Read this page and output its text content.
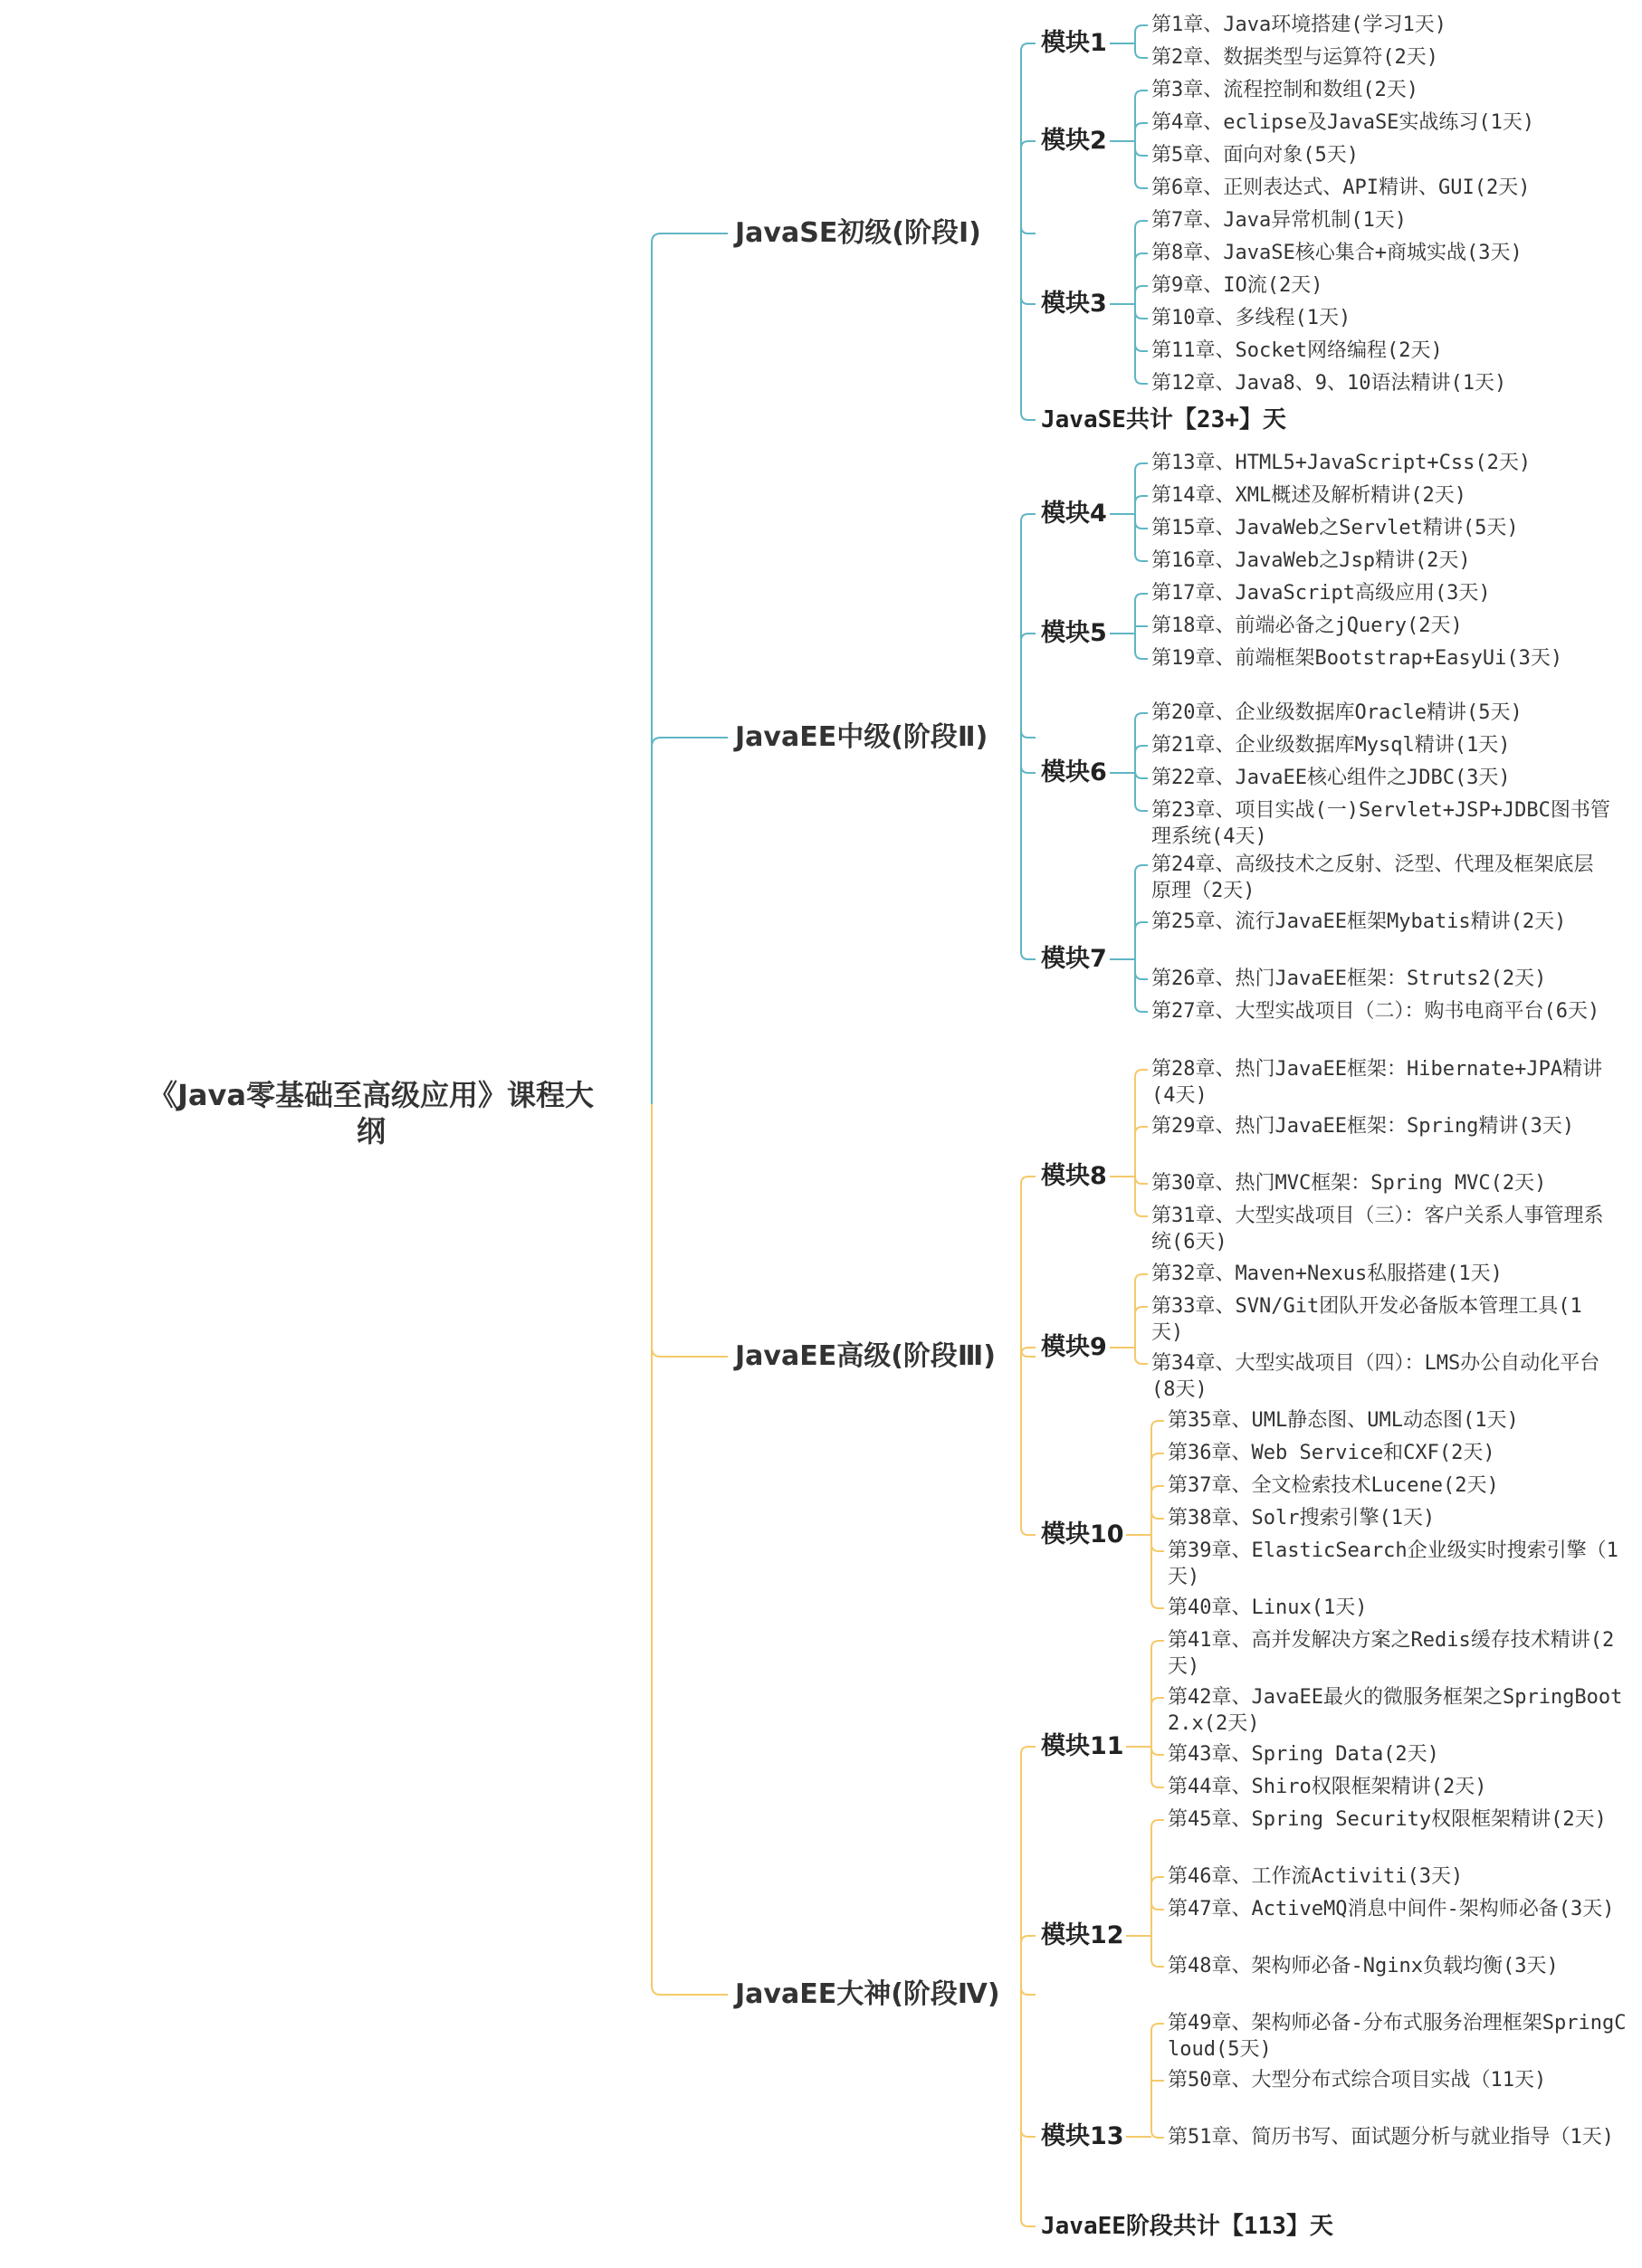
《Java零基础至高级应用》课程大纲
JavaSE初级(阶段Ⅰ)
模块1
第1章、Java环境搭建(学习1天)
第2章、数据类型与运算符(2天)
模块2
第3章、流程控制和数组(2天)
第4章、eclipse及JavaSE实战练习(1天)
第5章、面向对象(5天)
第6章、正则表达式、API精讲、GUI(2天)
模块3
第7章、Java异常机制(1天)
第8章、JavaSE核心集合+商城实战(3天)
第9章、IO流(2天)
第10章、多线程(1天)
第11章、Socket网络编程(2天)
第12章、Java8、9、10语法精讲(1天)
JavaSE共计【23+】天
JavaEE中级(阶段Ⅱ)
模块4
第13章、HTML5+JavaScript+Css(2天)
第14章、XML概述及解析精讲(2天)
第15章、JavaWeb之Servlet精讲(5天)
第16章、JavaWeb之Jsp精讲(2天)
模块5
第17章、JavaScript高级应用(3天)
第18章、前端必备之jQuery(2天)
第19章、前端框架Bootstrap+EasyUi(3天)
模块6
第20章、企业级数据库Oracle精讲(5天)
第21章、企业级数据库Mysql精讲(1天)
第22章、JavaEE核心组件之JDBC(3天)
第23章、项目实战(一)Servlet+JSP+JDBC图书管理系统(4天)
模块7
第24章、高级技术之反射、泛型、代理及框架底层原理（2天)
第25章、流行JavaEE框架Mybatis精讲(2天)
第26章、热门JavaEE框架：Struts2(2天)
第27章、大型实战项目（二）：购书电商平台(6天)
JavaEE高级(阶段Ⅲ)
模块8
第28章、热门JavaEE框架：Hibernate+JPA精讲(4天)
第29章、热门JavaEE框架：Spring精讲(3天)
第30章、热门MVC框架：Spring MVC(2天)
第31章、大型实战项目（三）：客户关系人事管理系统(6天)
模块9
第32章、Maven+Nexus私服搭建(1天)
第33章、SVN/Git团队开发必备版本管理工具(1天)
第34章、大型实战项目（四）：LMS办公自动化平台(8天)
模块10
第35章、UML静态图、UML动态图(1天)
第36章、Web Service和CXF(2天)
第37章、全文检索技术Lucene(2天)
第38章、Solr搜索引擎(1天)
第39章、ElasticSearch企业级实时搜索引擎（1天)
第40章、Linux(1天)
JavaEE大神(阶段Ⅳ)
模块11
第41章、高并发解决方案之Redis缓存技术精讲(2天)
第42章、JavaEE最火的微服务框架之SpringBoot2.x(2天)
第43章、Spring Data(2天)
第44章、Shiro权限框架精讲(2天)
模块12
第45章、Spring Security权限框架精讲(2天)
第46章、工作流Activiti(3天)
第47章、ActiveMQ消息中间件-架构师必备(3天)
第48章、架构师必备-Nginx负载均衡(3天)
模块13
第49章、架构师必备-分布式服务治理框架SpringCloud(5天)
第50章、大型分布式综合项目实战（11天)
第51章、简历书写、面试题分析与就业指导（1天)
JavaEE阶段共计【113】天
